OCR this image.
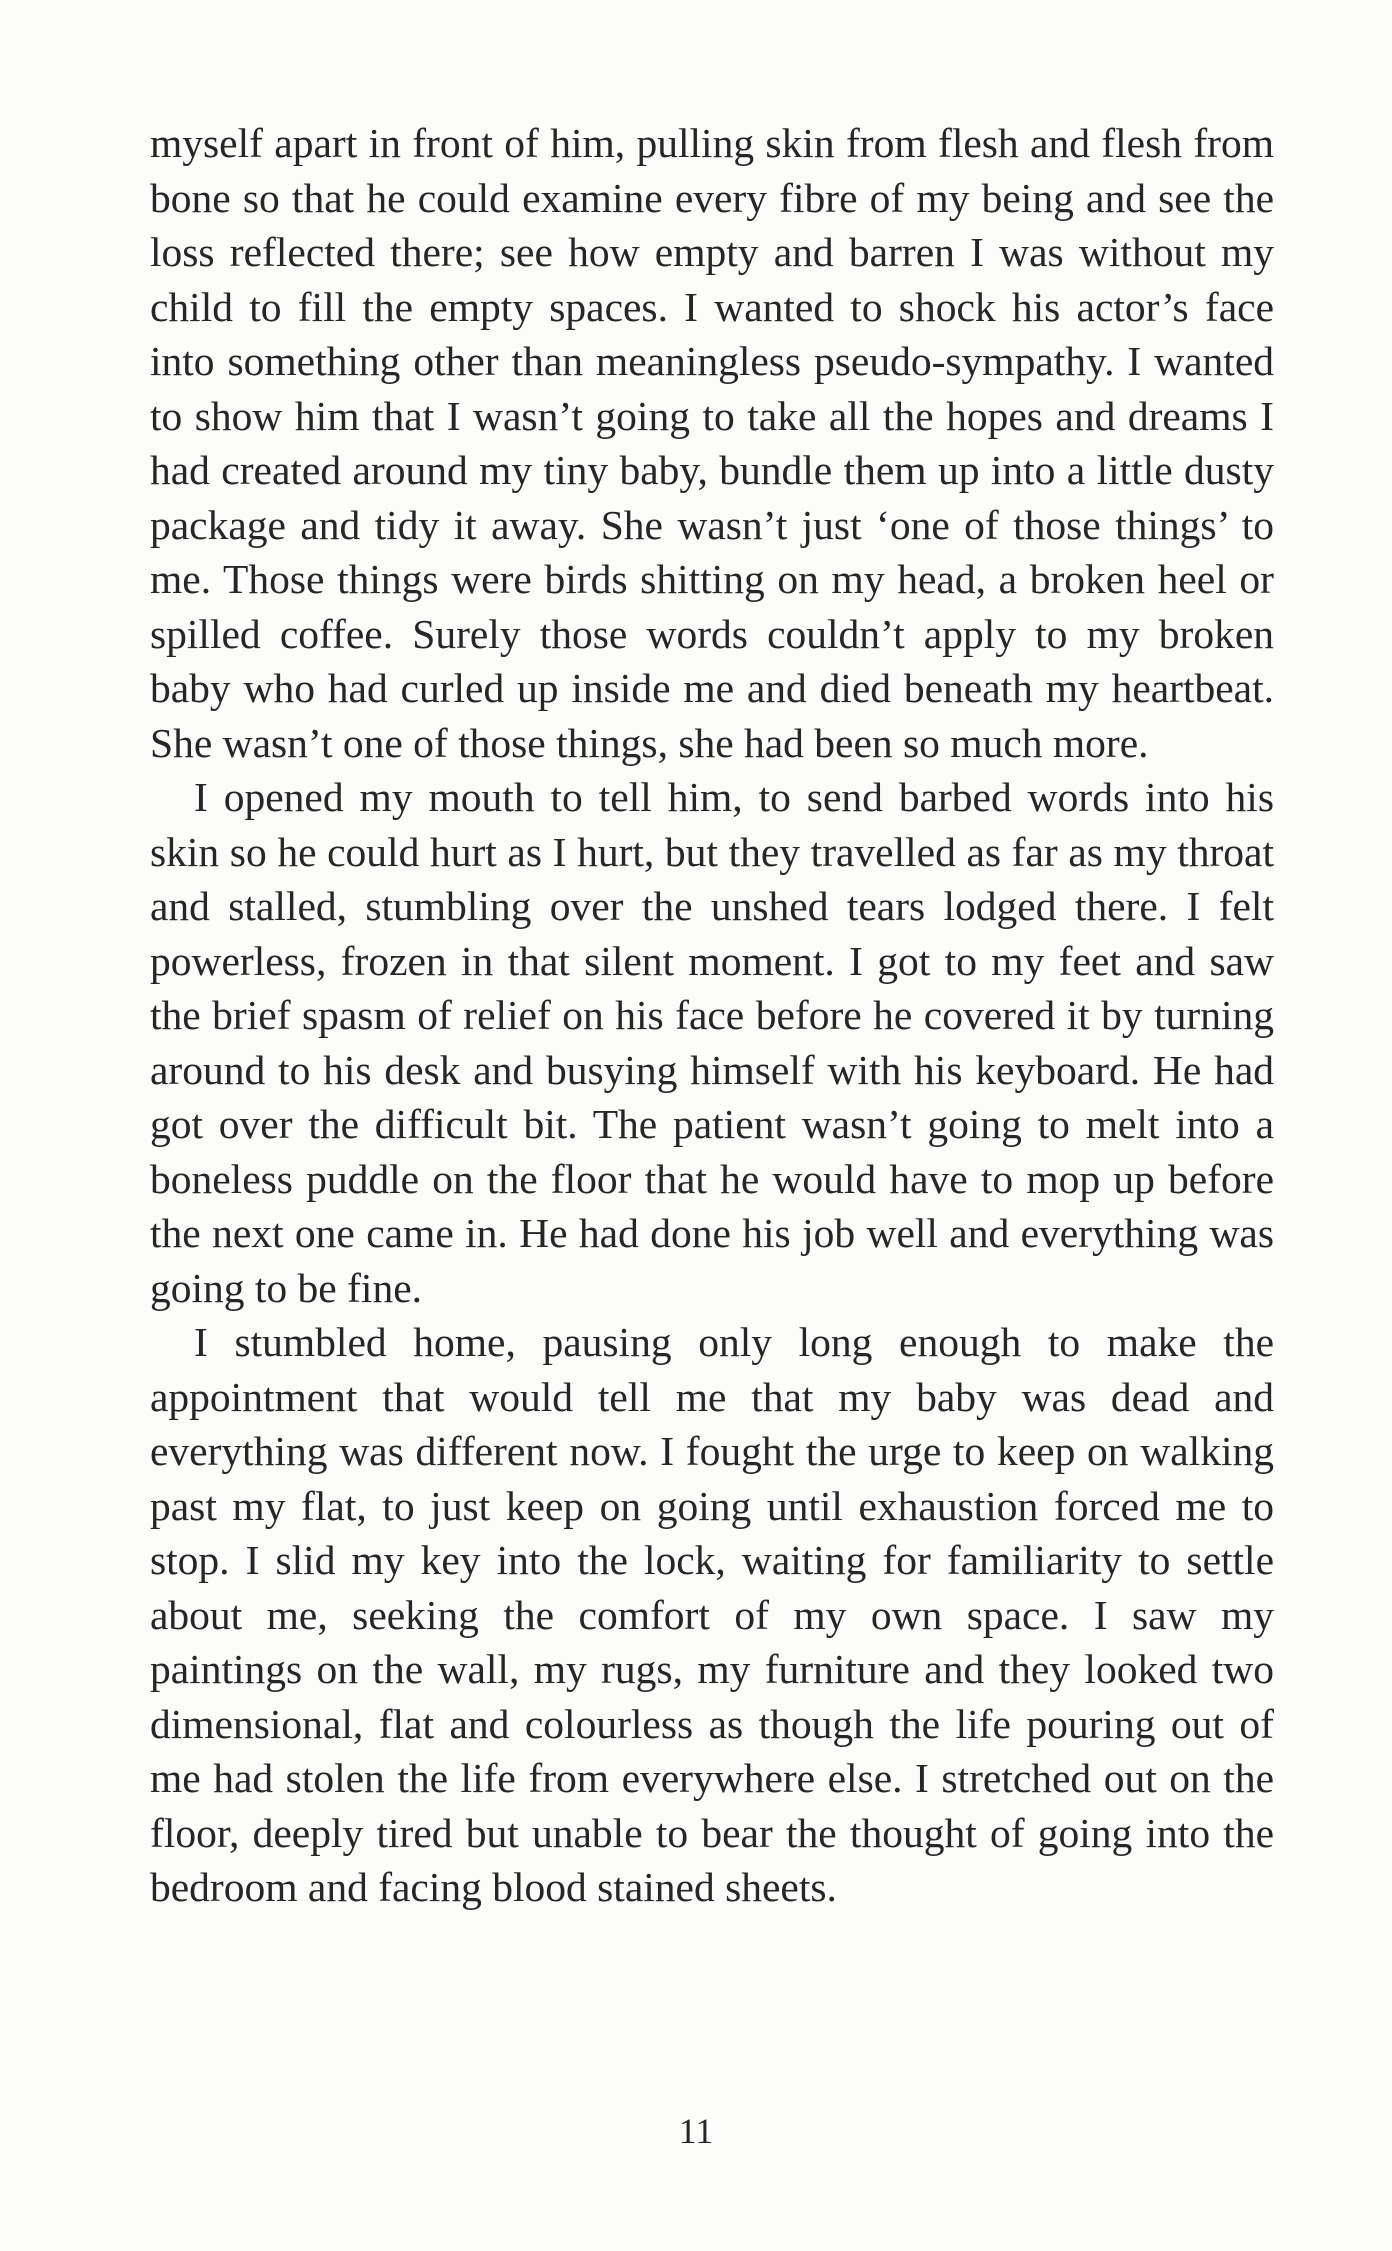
myself apart in front of him, pulling skin from flesh and flesh from bone so that he could examine every fibre of my being and see the loss reflected there; see how empty and barren I was without my child to fill the empty spaces. I wanted to shock his actor’s face into something other than meaningless pseudo-sympathy. I wanted to show him that I wasn’t going to take all the hopes and dreams I had created around my tiny baby, bundle them up into a little dusty package and tidy it away. She wasn’t just ‘one of those things’ to me. Those things were birds shitting on my head, a broken heel or spilled coffee. Surely those words couldn’t apply to my broken baby who had curled up inside me and died beneath my heartbeat. She wasn’t one of those things, she had been so much more.

I opened my mouth to tell him, to send barbed words into his skin so he could hurt as I hurt, but they travelled as far as my throat and stalled, stumbling over the unshed tears lodged there. I felt powerless, frozen in that silent moment. I got to my feet and saw the brief spasm of relief on his face before he covered it by turning around to his desk and busying himself with his keyboard. He had got over the difficult bit. The patient wasn’t going to melt into a boneless puddle on the floor that he would have to mop up before the next one came in. He had done his job well and everything was going to be fine.

I stumbled home, pausing only long enough to make the appointment that would tell me that my baby was dead and everything was different now. I fought the urge to keep on walking past my flat, to just keep on going until exhaustion forced me to stop. I slid my key into the lock, waiting for familiarity to settle about me, seeking the comfort of my own space. I saw my paintings on the wall, my rugs, my furniture and they looked two dimensional, flat and colourless as though the life pouring out of me had stolen the life from everywhere else. I stretched out on the floor, deeply tired but unable to bear the thought of going into the bedroom and facing blood stained sheets.

11
